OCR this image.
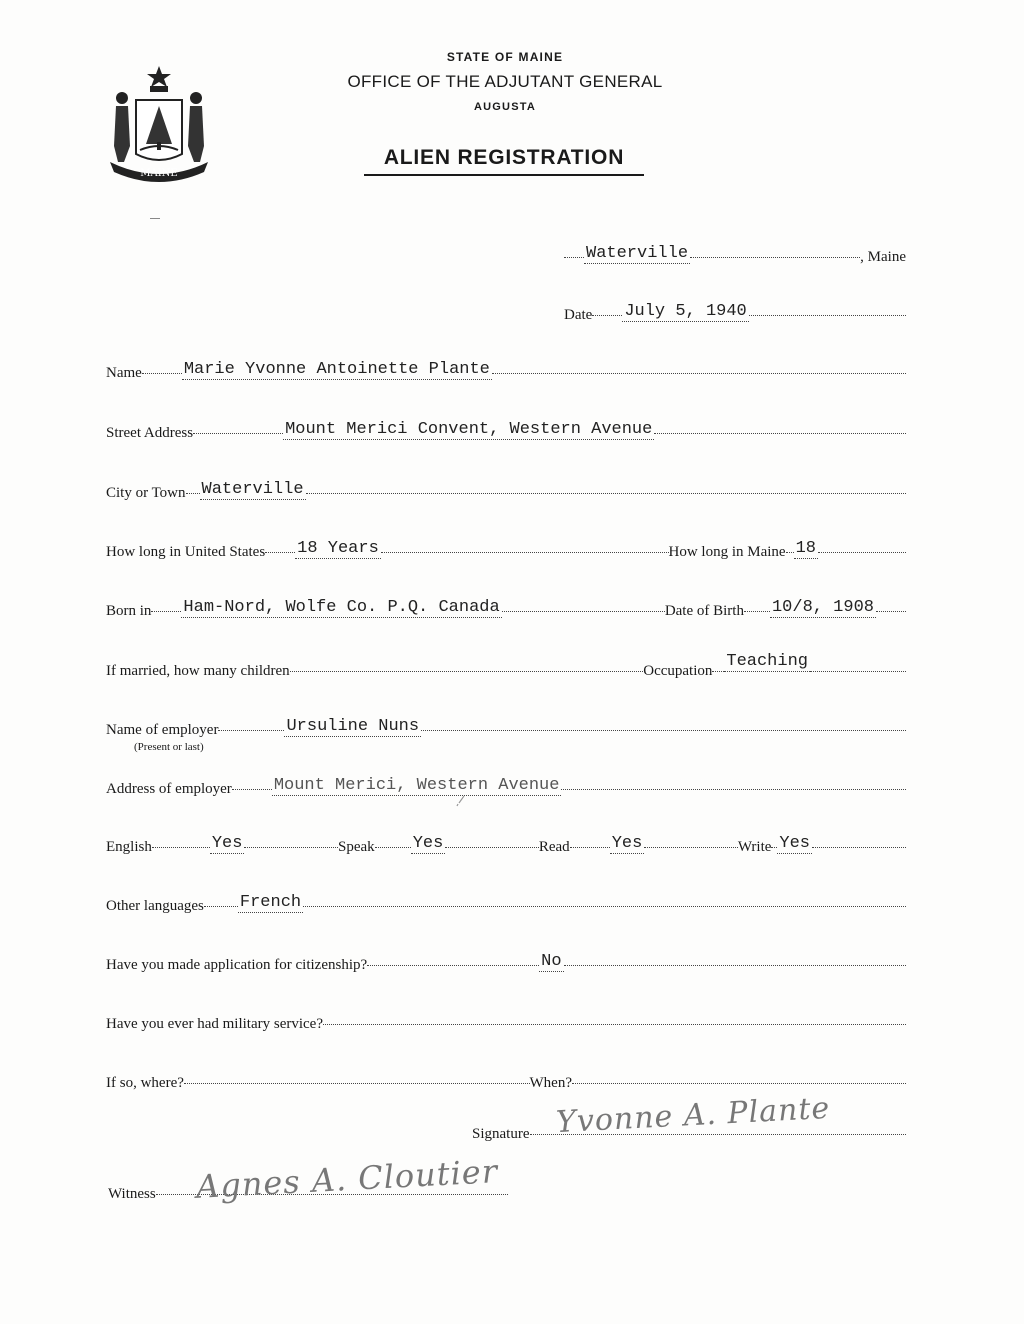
MAINE
STATE OF MAINE
OFFICE OF THE ADJUTANT GENERAL
AUGUSTA
ALIEN REGISTRATION
Waterville	, Maine
Date July 5, 1940
Name Marie Yvonne Antoinette Plante
Street Address	Mount Merici Convent, Western Avenue
City or Town Waterville
How long in United States 18 Years	How long in Maine 18
Born in Ham-Nord, Wolfe Co. P.Q. Canada	Date of Birth 10/8, 1908
If married, how many children	Occupation Teaching
Name of employer	Ursuline Nuns
(Present or last)
Address of employer Mount Merici, Western Avenue
English	Yes	Speak Yes	Read Yes	Write Yes
Other languages French
Have you made application for citizenship?	No
Have you ever had military service?
If so, where?	When?
Signature Yvonne A. Plante
Witness Agnes A. Cloutier
